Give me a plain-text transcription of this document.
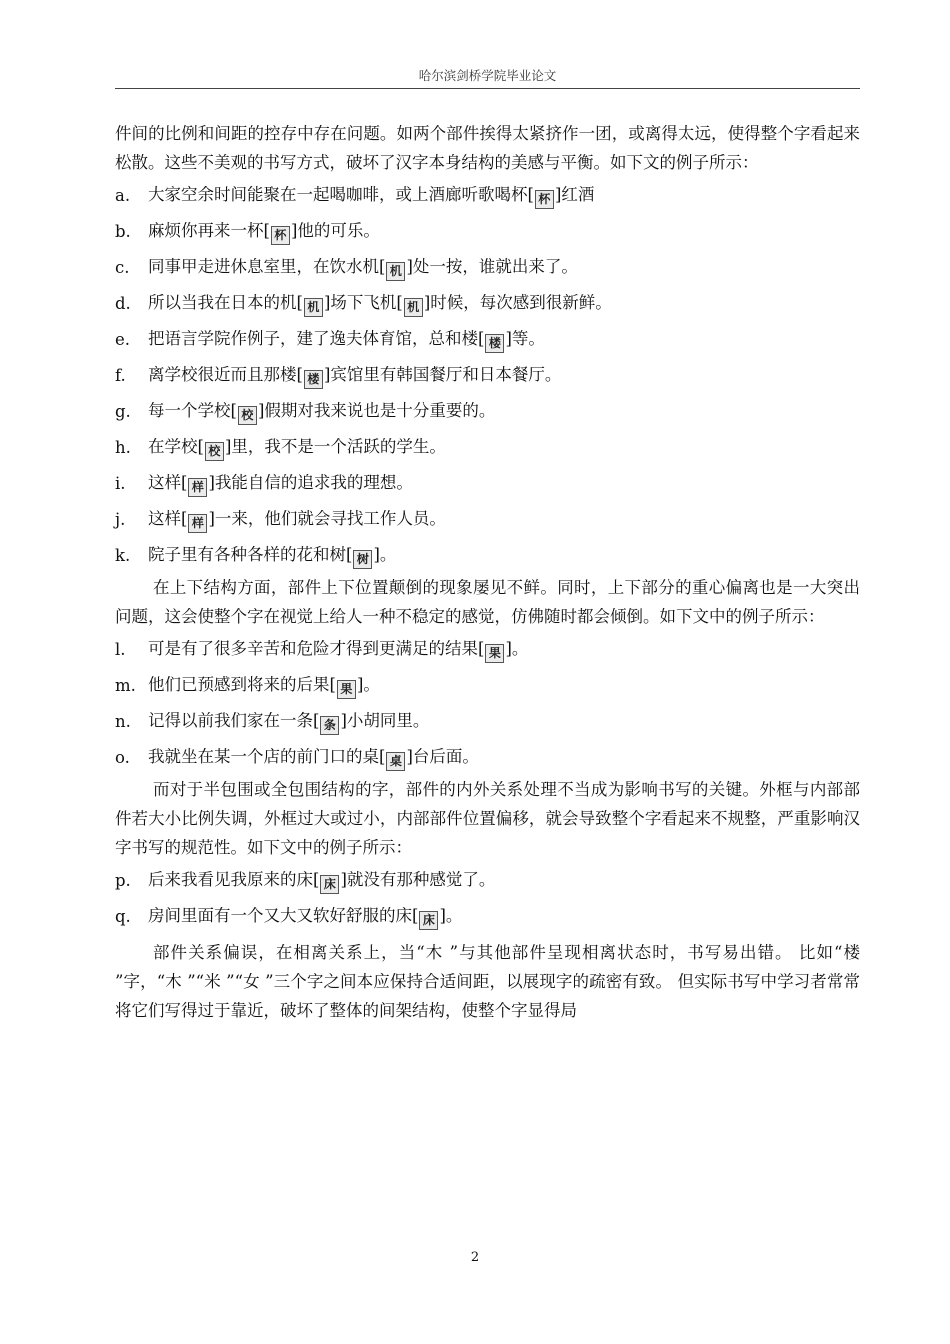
哈尔滨剑桥学院毕业论文

件间的比例和间距的控存中存在问题。如两个部件挨得太紧挤作一团，或离得太远，使得整个字看起来松散。这些不美观的书写方式，破坏了汉字本身结构的美感与平衡。如下文的例子所示：

a.	大家空余时间能聚在一起喝咖啡，或上酒廊听歌喝杯[ 杯 ]红酒
b.	麻烦你再来一杯[ 杯 ]他的可乐。
c.	同事甲走进休息室里，在饮水机[ 机 ]处一按，谁就出来了。
d.	所以当我在日本的机[ 机 ]场下飞机[ 机 ]时候，每次感到很新鲜。
e.	把语言学院作例子，建了逸夫体育馆，总和楼[ 楼 ]等。
f.	离学校很近而且那楼[ 楼 ]宾馆里有韩国餐厅和日本餐厅。
g.	每一个学校[ 校 ]假期对我来说也是十分重要的。
h.	在学校[ 校 ]里，我不是一个活跃的学生。
i.	这样[ 样 ]我能自信的追求我的理想。
j.	这样[ 样 ]一来，他们就会寻找工作人员。
k.	院子里有各种各样的花和树[ 树 ]。

在上下结构方面，部件上下位置颠倒的现象屡见不鲜。同时，上下部分的重心偏离也是一大突出问题，这会使整个字在视觉上给人一种不稳定的感觉，仿佛随时都会倾倒。如下文中的例子所示：

l.	可是有了很多辛苦和危险才得到更满足的结果[ 果 ]。
m. 他们已预感到将来的后果[ 果 ]。
n.	记得以前我们家在一条[ 条 ]小胡同里。
o.	我就坐在某一个店的前门口的桌[ 桌 ]台后面。

而对于半包围或全包围结构的字，部件的内外关系处理不当成为影响书写的关键。外框与内部部件若大小比例失调，外框过大或过小，内部部件位置偏移，就会导致整个字看起来不规整，严重影响汉字书写的规范性。如下文中的例子所示：

p.	后来我看见我原来的床[ 床 ]就没有那种感觉了。
q.	房间里面有一个又大又软好舒服的床[ 床 ]。

部件关系偏误，在相离关系上，当“木 ”与其他部件呈现相离状态时，书写易出错。 比如“楼 ”字，“木 ”“米 ”“女 ”三个字之间本应保持合适间距，以展现字的疏密有致。 但实际书写中学习者常常将它们写得过于靠近，破坏了整体的间架结构，使整个字显得局

2
